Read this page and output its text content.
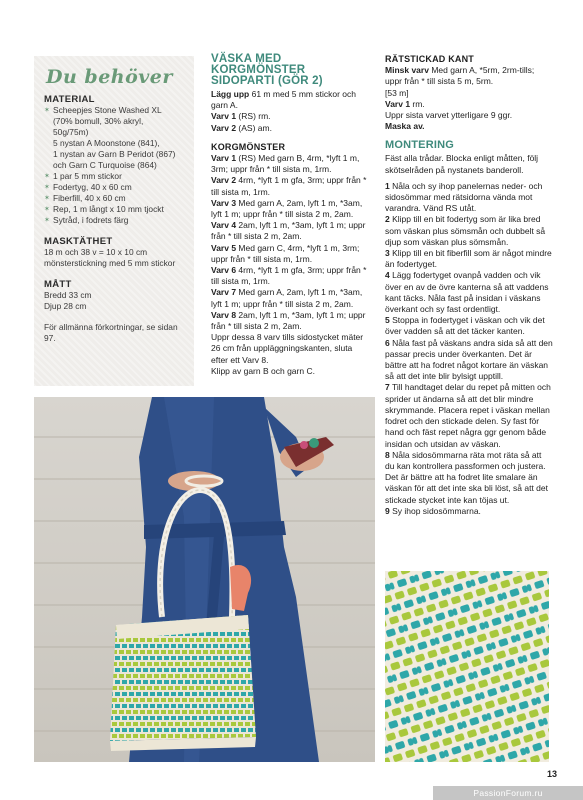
Du behöver
MATERIAL
✶ Scheepjes Stone Washed XL
(70% bomull, 30% akryl,
50g/75m)
5 nystan A Moonstone (841),
1 nystan av Garn B Peridot (867)
och Garn C Turquoise (864)
✶ 1 par 5 mm stickor
✶ Fodertyg, 40 x 60 cm
✶ Fiberfill, 40 x 60 cm
✶ Rep, 1 m långt x 10 mm tjockt
✶ Sytråd, i fodrets färg
MASKTÄTHET
18 m och 38 v = 10 x 10 cm mönsterstickning med 5 mm stickor
MÅTT
Bredd 33 cm
Djup 28 cm
För allmänna förkortningar, se sidan 97.
VÄSKA MED KORGMÖNSTER SIDOPARTI (GÖR 2)

Lägg upp 61 m med 5 mm stickor och garn A.

Varv 1 (RS) rm.

Varv 2 (AS) am.

KORGMÖNSTER

Varv 1 (RS) Med garn B, 4rm, *lyft 1 m, 3rm; uppr från * till sista m, 1rm.

Varv 2 4rm, *lyft 1 m gfa, 3rm; uppr från * till sista m, 1rm.

Varv 3 Med garn A, 2am, lyft 1 m, *3am, lyft 1 m; uppr från * till sista 2 m, 2am.

Varv 4 2am, lyft 1 m, *3am, lyft 1 m; uppr från * till sista 2 m, 2am.

Varv 5 Med garn C, 4rm, *lyft 1 m, 3rm; uppr från * till sista m, 1rm.

Varv 6 4rm, *lyft 1 m gfa, 3rm; uppr från * till sista m, 1rm.

Varv 7 Med garn A, 2am, lyft 1 m, *3am, lyft 1 m; uppr från * till sista 2 m, 2am.

Varv 8 2am, lyft 1 m, *3am, lyft 1 m; uppr från * till sista 2 m, 2am.

Uppr dessa 8 varv tills sidostycket mäter 26 cm från uppläggningskanten, sluta efter ett Varv 8.

Klipp av garn B och garn C.

RÄTSTICKAD KANT

Minsk varv Med garn A, *5rm, 2rm-tills; uppr från * till sista 5 m, 5rm.

[53 m]

Varv 1 rm.

Uppr sista varvet ytterligare 9 ggr.

Maska av.

MONTERING

Fäst alla trådar. Blocka enligt måtten, följ skötselråden på nystanets banderoll.

1 Nåla och sy ihop panelernas neder- och sidosömmar med rätsidorna vända mot varandra. Vänd RS utåt.

2 Klipp till en bit fodertyg som är lika bred som väskan plus sömsmån och dubbelt så djup som väskan plus sömsmån.

3 Klipp till en bit fiberfill som är något mindre än fodertyget.

4 Lägg fodertyget ovanpå vadden och vik över en av de övre kanterna så att vaddens kant täcks. Nåla fast på insidan i väskans överkant och sy fast ordentligt.

5 Stoppa in fodertyget i väskan och vik det över vadden så att det täcker kanten.

6 Nåla fast på väskans andra sida så att den passar precis under överkanten. Det är bättre att ha fodret något kortare än väskan så att det inte blir bylsigt upptill.

7 Till handtaget delar du repet på mitten och sprider ut ändarna så att det blir mindre skrymmande. Placera repet i väskan mellan fodret och den stickade delen. Sy fast för hand och fäst repet några ggr genom både insidan och utsidan av väskan.

8 Nåla sidosömmarna räta mot räta så att du kan kontrollera passformen och justera. Det är bättre att ha fodret lite smalare än väskan för att det inte ska bli löst, så att det stickade stycket inte kan töjas ut.

9 Sy ihop sidosömmarna.

13
PassionForum.ru
